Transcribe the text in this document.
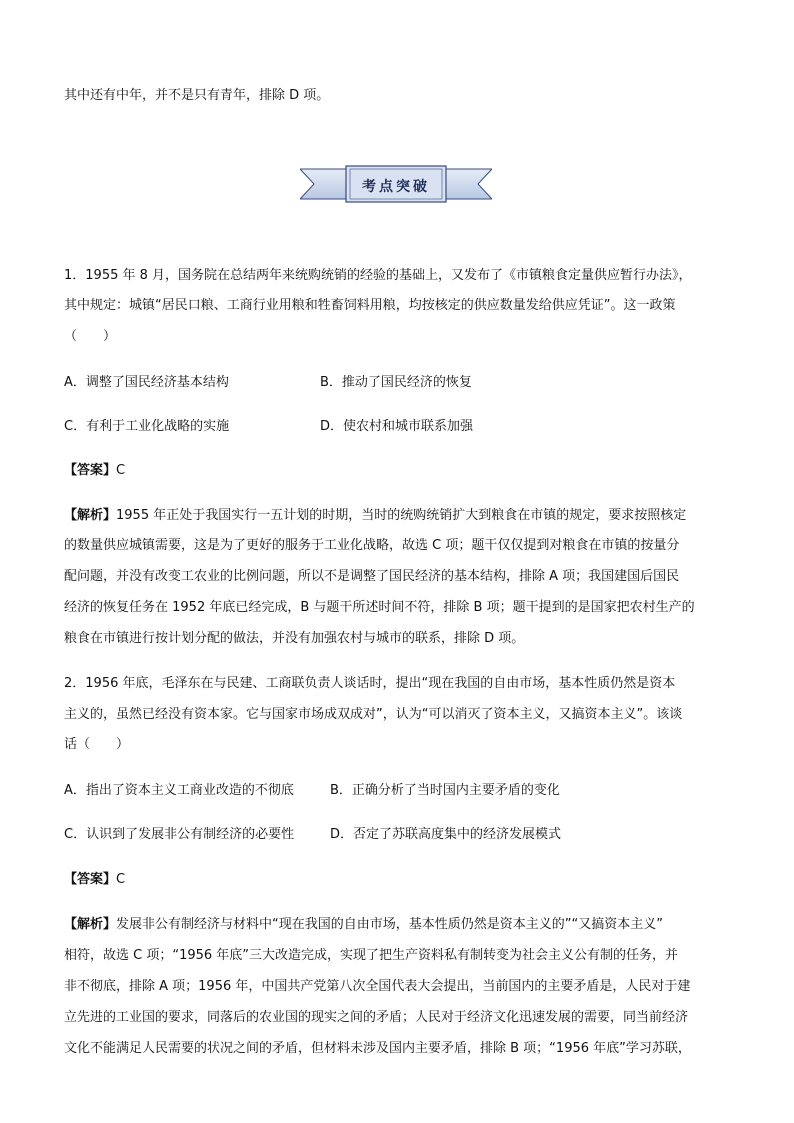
其中还有中年，并不是只有青年，排除 D 项。
考点突破
1．1955 年 8 月，国务院在总结两年来统购统销的经验的基础上，又发布了《市镇粮食定量供应暂行办法》，
其中规定：城镇“居民口粮、工商行业用粮和牲畜饲料用粮，均按核定的供应数量发给供应凭证”。这一政策
（　　）
A．调整了国民经济基本结构	B．推动了国民经济的恢复
C．有利于工业化战略的实施	D．使农村和城市联系加强
【答案】C
【解析】1955 年正处于我国实行一五计划的时期，当时的统购统销扩大到粮食在市镇的规定，要求按照核定
的数量供应城镇需要，这是为了更好的服务于工业化战略，故选 C 项；题干仅仅提到对粮食在市镇的按量分
配问题，并没有改变工农业的比例问题，所以不是调整了国民经济的基本结构，排除 A 项；我国建国后国民
经济的恢复任务在 1952 年底已经完成，B 与题干所述时间不符，排除 B 项；题干提到的是国家把农村生产的
粮食在市镇进行按计划分配的做法，并没有加强农村与城市的联系，排除 D 项。
2．1956 年底，毛泽东在与民建、工商联负责人谈话时，提出“现在我国的自由市场，基本性质仍然是资本
主义的，虽然已经没有资本家。它与国家市场成双成对”，认为“可以消灭了资本主义，又搞资本主义”。该谈
话（　　）
A．指出了资本主义工商业改造的不彻底	B．正确分析了当时国内主要矛盾的变化
C．认识到了发展非公有制经济的必要性	D．否定了苏联高度集中的经济发展模式
【答案】C
【解析】发展非公有制经济与材料中“现在我国的自由市场，基本性质仍然是资本主义的”“又搞资本主义”
相符，故选 C 项；“1956 年底”三大改造完成，实现了把生产资料私有制转变为社会主义公有制的任务，并
非不彻底，排除 A 项；1956 年，中国共产党第八次全国代表大会提出，当前国内的主要矛盾是，人民对于建
立先进的工业国的要求，同落后的农业国的现实之间的矛盾；人民对于经济文化迅速发展的需要，同当前经济
文化不能满足人民需要的状况之间的矛盾，但材料未涉及国内主要矛盾，排除 B 项；“1956 年底”学习苏联，
